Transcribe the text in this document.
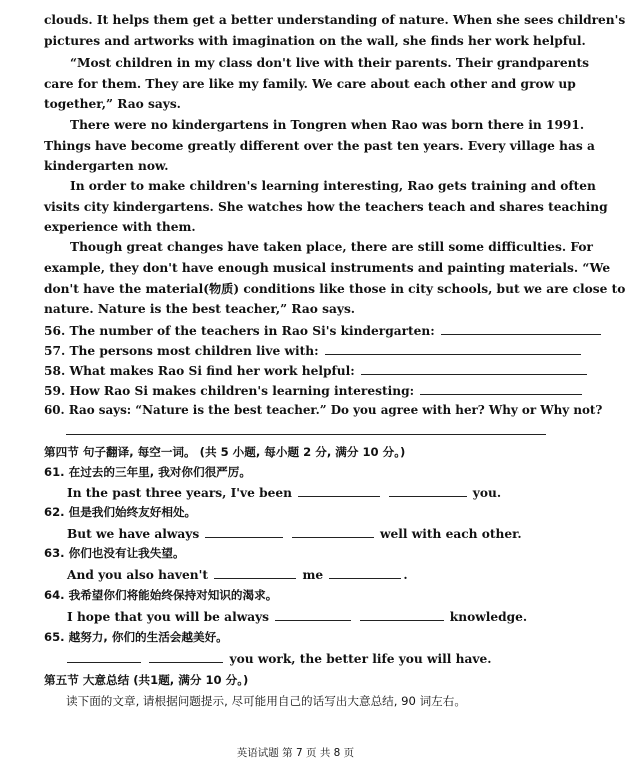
clouds. It helps them get a better understanding of nature. When she sees children's
pictures and artworks with imagination on the wall, she finds her work helpful.
“Most children in my class don't live with their parents. Their grandparents
care for them. They are like my family. We care about each other and grow up
together,” Rao says.
There were no kindergartens in Tongren when Rao was born there in 1991.
Things have become greatly different over the past ten years. Every village has a
kindergarten now.
In order to make children's learning interesting, Rao gets training and often
visits city kindergartens. She watches how the teachers teach and shares teaching
experience with them.
Though great changes have taken place, there are still some difficulties. For
example, they don't have enough musical instruments and painting materials. “We
don't have the material(物质) conditions like those in city schools, but we are close to
nature. Nature is the best teacher,” Rao says.
56. The number of the teachers in Rao Si's kindergarten:
57. The persons most children live with:
58. What makes Rao Si find her work helpful:
59. How Rao Si makes children's learning interesting:
60. Rao says: “Nature is the best teacher.” Do you agree with her? Why or Why not?
第四节 句子翻译, 每空一词。 (共 5 小题, 每小题 2 分, 满分 10 分。)
61. 在过去的三年里, 我对你们很严厉。
In the past three years, I've been	you.
62. 但是我们始终友好相处。
But we have always	well with each other.
63. 你们也没有让我失望。
And you also haven't	me	.
64. 我希望你们将能始终保持对知识的渴求。
I hope that you will be always	knowledge.
65. 越努力, 你们的生活会越美好。
you work, the better life you will have.
第五节 大意总结 (共1题, 满分 10 分。)
读下面的文章, 请根据问题提示, 尽可能用自己的话写出大意总结, 90 词左右。
英语试题 第 7 页 共 8 页
